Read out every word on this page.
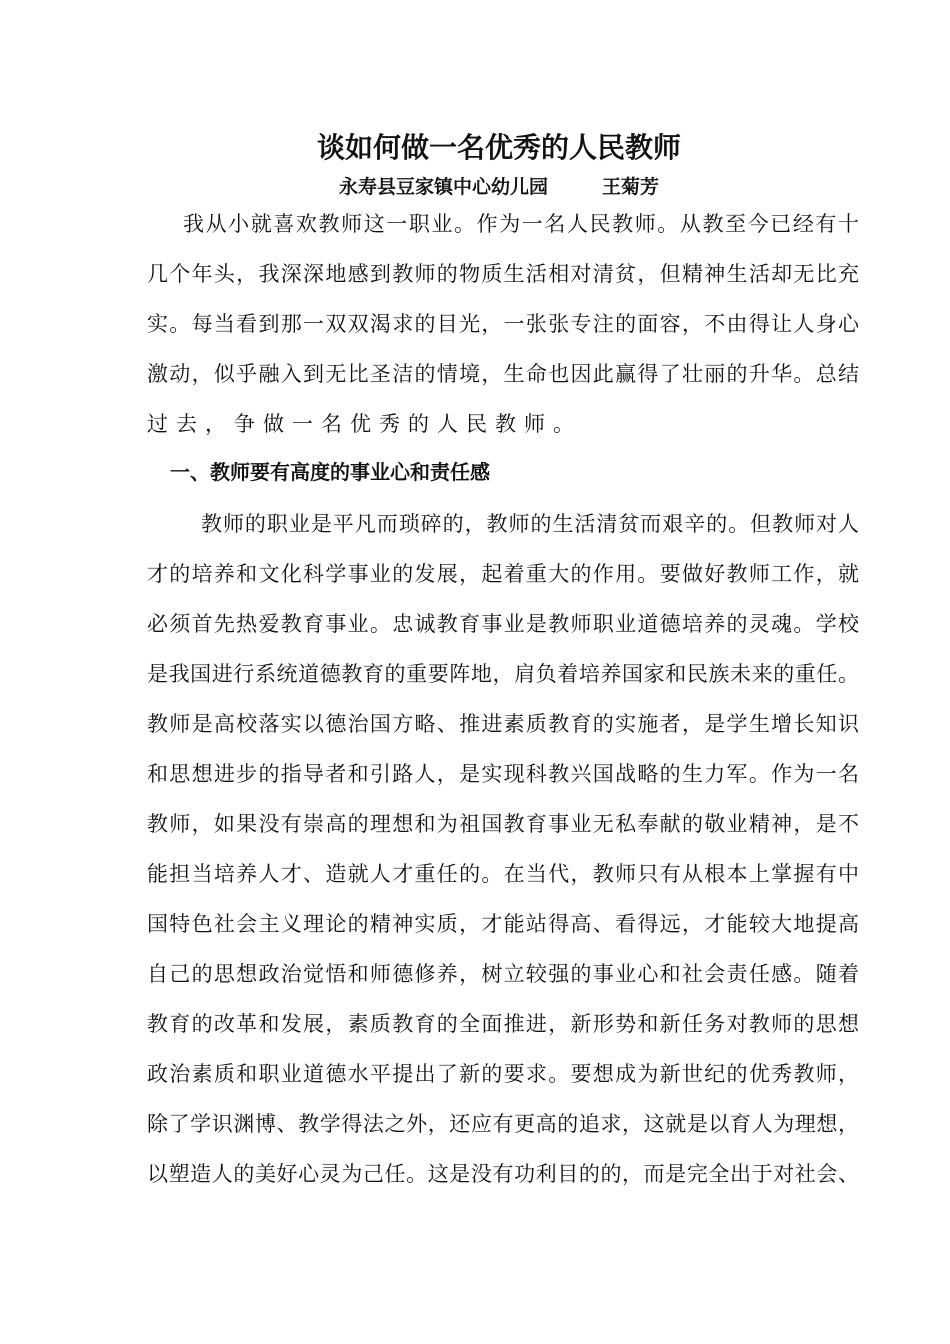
谈如何做一名优秀的人民教师

永寿县豆家镇中心幼儿园	王菊芳

我从小就喜欢教师这一职业。作为一名人民教师。从教至今已经有十
几个年头，我深深地感到教师的物质生活相对清贫，但精神生活却无比充
实。每当看到那一双双渴求的目光，一张张专注的面容，不由得让人身心
激动，似乎融入到无比圣洁的情境，生命也因此赢得了壮丽的升华。总结
过去，争做一名优秀的人民教师。
一、教师要有高度的事业心和责任感
教师的职业是平凡而琐碎的，教师的生活清贫而艰辛的。但教师对人
才的培养和文化科学事业的发展，起着重大的作用。要做好教师工作，就
必须首先热爱教育事业。忠诚教育事业是教师职业道德培养的灵魂。学校
是我国进行系统道德教育的重要阵地，肩负着培养国家和民族未来的重任。
教师是高校落实以德治国方略、推进素质教育的实施者，是学生增长知识
和思想进步的指导者和引路人，是实现科教兴国战略的生力军。作为一名
教师，如果没有崇高的理想和为祖国教育事业无私奉献的敬业精神，是不
能担当培养人才、造就人才重任的。在当代，教师只有从根本上掌握有中
国特色社会主义理论的精神实质，才能站得高、看得远，才能较大地提高
自己的思想政治觉悟和师德修养，树立较强的事业心和社会责任感。随着
教育的改革和发展，素质教育的全面推进，新形势和新任务对教师的思想
政治素质和职业道德水平提出了新的要求。要想成为新世纪的优秀教师，
除了学识渊博、教学得法之外，还应有更高的追求，这就是以育人为理想，
以塑造人的美好心灵为己任。这是没有功利目的的，而是完全出于对社会、
